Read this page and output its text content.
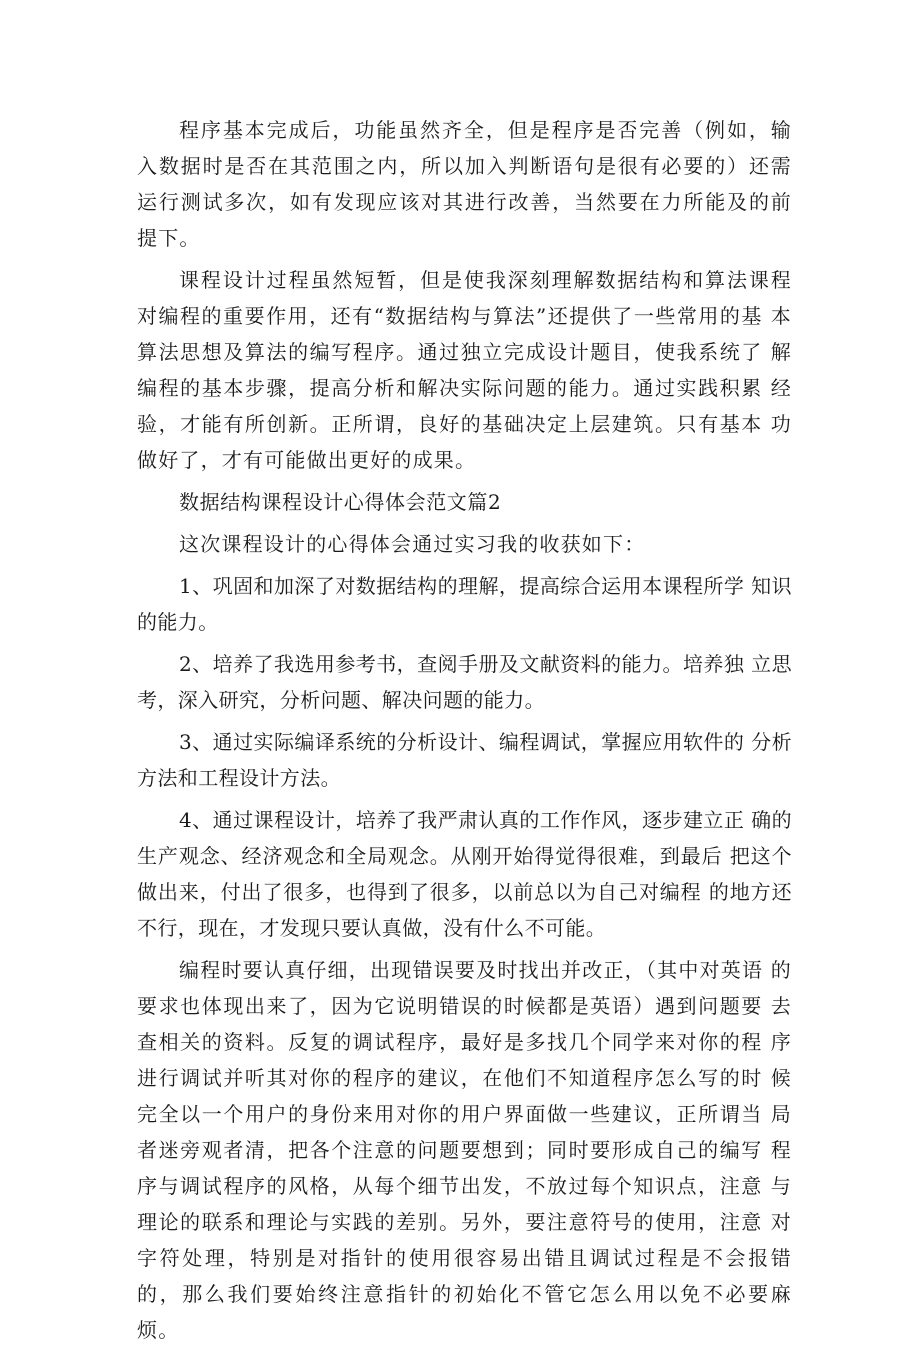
程序基本完成后，功能虽然齐全，但是程序是否完善（例如，输 入数据时是否在其范围之内，所以加入判断语句是很有必要的）还需 运行测试多次，如有发现应该对其进行改善，当然要在力所能及的前 提下。

课程设计过程虽然短暂，但是使我深刻理解数据结构和算法课程 对编程的重要作用，还有“数据结构与算法”还提供了一些常用的基 本算法思想及算法的编写程序。通过独立完成设计题目，使我系统了 解编程的基本步骤，提高分析和解决实际问题的能力。通过实践积累 经验，才能有所创新。正所谓，良好的基础决定上层建筑。只有基本 功做好了，才有可能做出更好的成果。

数据结构课程设计心得体会范文篇2

这次课程设计的心得体会通过实习我的收获如下：

1、巩固和加深了对数据结构的理解，提高综合运用本课程所学 知识的能力。

2、培养了我选用参考书，查阅手册及文献资料的能力。培养独 立思考，深入研究，分析问题、解决问题的能力。

3、通过实际编译系统的分析设计、编程调试，掌握应用软件的 分析方法和工程设计方法。

4、通过课程设计，培养了我严肃认真的工作作风，逐步建立正 确的生产观念、经济观念和全局观念。从刚开始得觉得很难，到最后 把这个做出来，付出了很多，也得到了很多，以前总以为自己对编程 的地方还不行，现在，才发现只要认真做，没有什么不可能。

编程时要认真仔细，出现错误要及时找出并改正，（其中对英语 的要求也体现出来了，因为它说明错误的时候都是英语）遇到问题要 去查相关的资料。反复的调试程序，最好是多找几个同学来对你的程 序进行调试并听其对你的程序的建议，在他们不知道程序怎么写的时 候完全以一个用户的身份来用对你的用户界面做一些建议，正所谓当 局者迷旁观者清，把各个注意的问题要想到；同时要形成自己的编写 程序与调试程序的风格，从每个细节出发，不放过每个知识点，注意 与理论的联系和理论与实践的差别。另外，要注意符号的使用，注意 对字符处理，特别是对指针的使用很容易出错且调试过程是不会报错 的，那么我们要始终注意指针的初始化不管它怎么用以免不必要麻烦。
